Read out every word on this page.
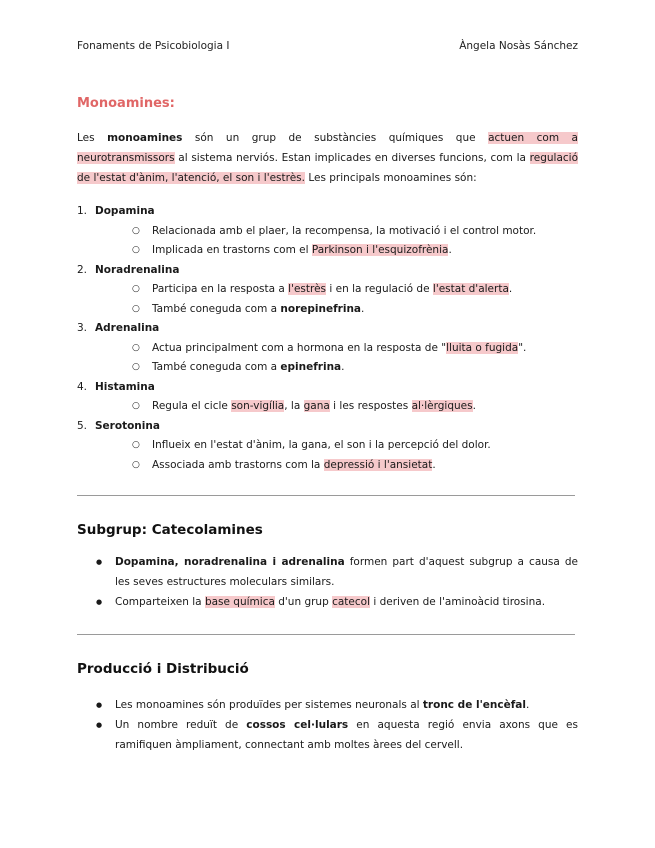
Fonaments de Psicobiologia I	Àngela Nosàs Sánchez
Monoamines:

Les monoamines són un grup de substàncies químiques que actuen com a neurotransmissors al sistema nerviós. Estan implicades en diverses funcions, com la regulació de l'estat d'ànim, l'atenció, el son i l'estrès. Les principals monoamines són:

1. Dopamina
○ Relacionada amb el plaer, la recompensa, la motivació i el control motor.
○ Implicada en trastorns com el Parkinson i l'esquizofrènia.
2. Noradrenalina
○ Participa en la resposta a l'estrès i en la regulació de l'estat d'alerta.
○ També coneguda com a norepinefrina.
3. Adrenalina
○ Actua principalment com a hormona en la resposta de "lluita o fugida".
○ També coneguda com a epinefrina.
4. Histamina
○ Regula el cicle son-vigília, la gana i les respostes al·lèrgiques.
5. Serotonina
○ Influeix en l'estat d'ànim, la gana, el son i la percepció del dolor.
○ Associada amb trastorns com la depressió i l'ansietat.
Subgrup: Catecolamines
● Dopamina, noradrenalina i adrenalina formen part d'aquest subgrup a causa de les seves estructures moleculars similars.
● Comparteixen la base química d'un grup catecol i deriven de l'aminoàcid tirosina.
Producció i Distribució
● Les monoamines són produïdes per sistemes neuronals al tronc de l'encèfal.
● Un nombre reduït de cossos cel·lulars en aquesta regió envia axons que es ramifiquen àmpliament, connectant amb moltes àrees del cervell.
